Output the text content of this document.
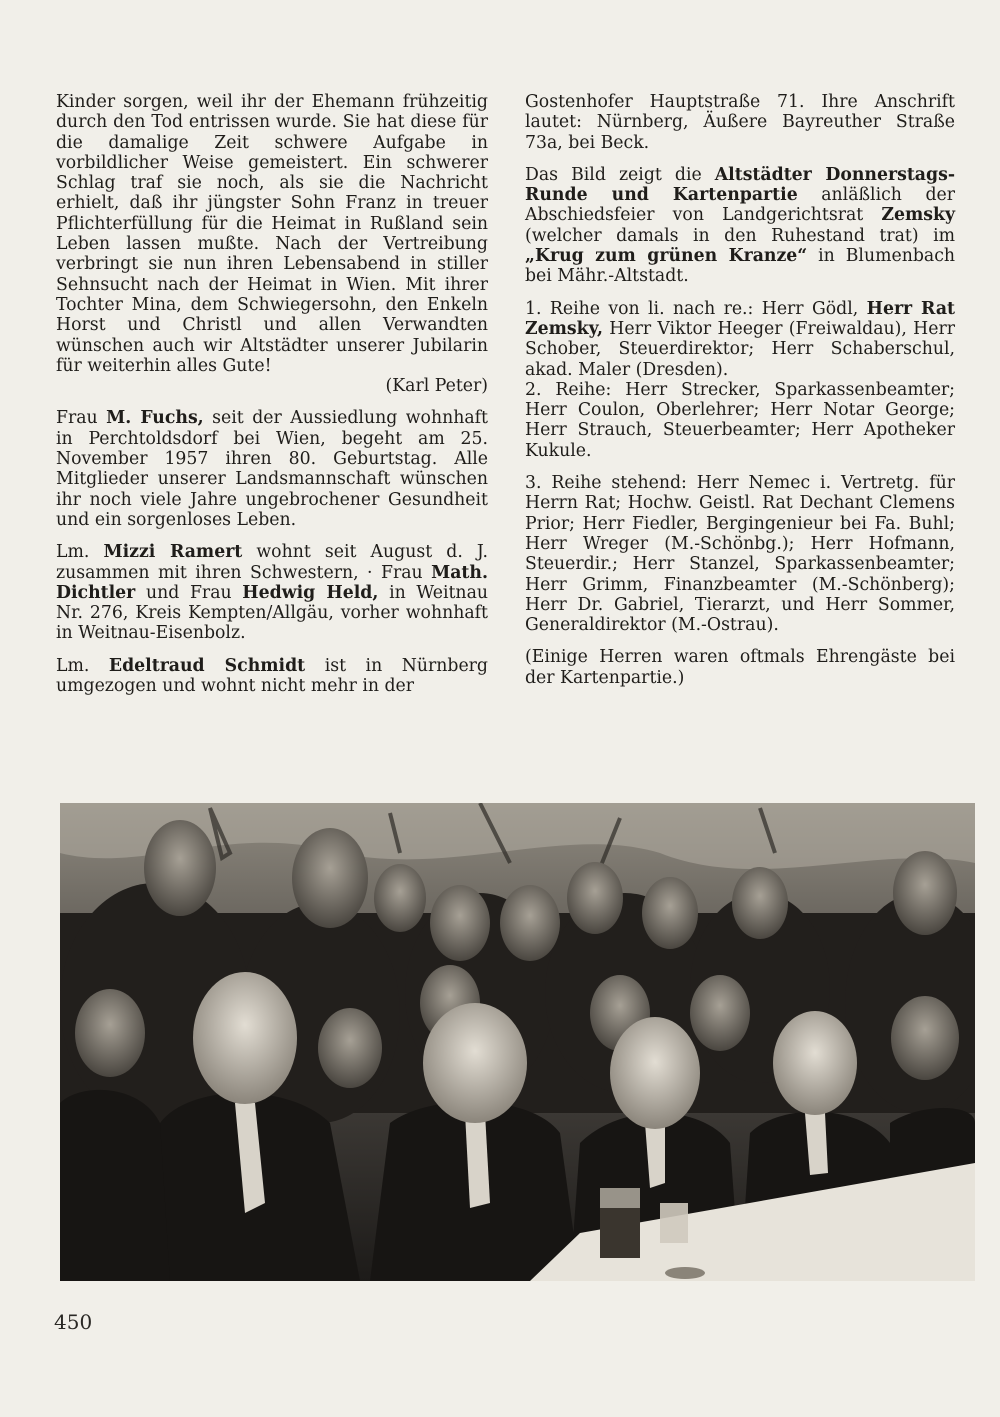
Kinder sorgen, weil ihr der Ehemann frühzeitig durch den Tod entrissen wurde. Sie hat diese für die damalige Zeit schwere Aufgabe in vorbildlicher Weise gemeistert. Ein schwerer Schlag traf sie noch, als sie die Nachricht erhielt, daß ihr jüngster Sohn Franz in treuer Pflichterfüllung für die Heimat in Rußland sein Leben lassen mußte. Nach der Vertreibung verbringt sie nun ihren Lebensabend in stiller Sehnsucht nach der Heimat in Wien. Mit ihrer Tochter Mina, dem Schwiegersohn, den Enkeln Horst und Christl und allen Verwandten wünschen auch wir Altstädter unserer Jubilarin für weiterhin alles Gute!

(Karl Peter)

Frau M. Fuchs, seit der Aussiedlung wohnhaft in Perchtoldsdorf bei Wien, begeht am 25. November 1957 ihren 80. Geburtstag. Alle Mitglieder unserer Landsmannschaft wünschen ihr noch viele Jahre ungebrochener Gesundheit und ein sorgenloses Leben.

Lm. Mizzi Ramert wohnt seit August d. J. zusammen mit ihren Schwestern, · Frau Math. Dichtler und Frau Hedwig Held, in Weitnau Nr. 276, Kreis Kempten/Allgäu, vorher wohnhaft in Weitnau-Eisenbolz.

Lm. Edeltraud Schmidt ist in Nürnberg umgezogen und wohnt nicht mehr in der

Gostenhofer Hauptstraße 71. Ihre Anschrift lautet: Nürnberg, Äußere Bayreuther Straße 73a, bei Beck.

Das Bild zeigt die Altstädter Donnerstags-Runde und Kartenpartie anläßlich der Abschiedsfeier von Landgerichtsrat Zemsky (welcher damals in den Ruhestand trat) im „Krug zum grünen Kranze“ in Blumenbach bei Mähr.-Altstadt.

1. Reihe von li. nach re.: Herr Gödl, Herr Rat Zemsky, Herr Viktor Heeger (Freiwaldau), Herr Schober, Steuerdirektor; Herr Schaberschul, akad. Maler (Dresden).

2. Reihe: Herr Strecker, Sparkassenbeamter; Herr Coulon, Oberlehrer; Herr Notar George; Herr Strauch, Steuerbeamter; Herr Apotheker Kukule.

3. Reihe stehend: Herr Nemec i. Vertretg. für Herrn Rat; Hochw. Geistl. Rat Dechant Clemens Prior; Herr Fiedler, Bergingenieur bei Fa. Buhl; Herr Wreger (M.-Schönbg.); Herr Hofmann, Steuerdir.; Herr Stanzel, Sparkassenbeamter; Herr Grimm, Finanzbeamter (M.-Schönberg); Herr Dr. Gabriel, Tierarzt, und Herr Sommer, Generaldirektor (M.-Ostrau).

(Einige Herren waren oftmals Ehrengäste bei der Kartenpartie.)

450
